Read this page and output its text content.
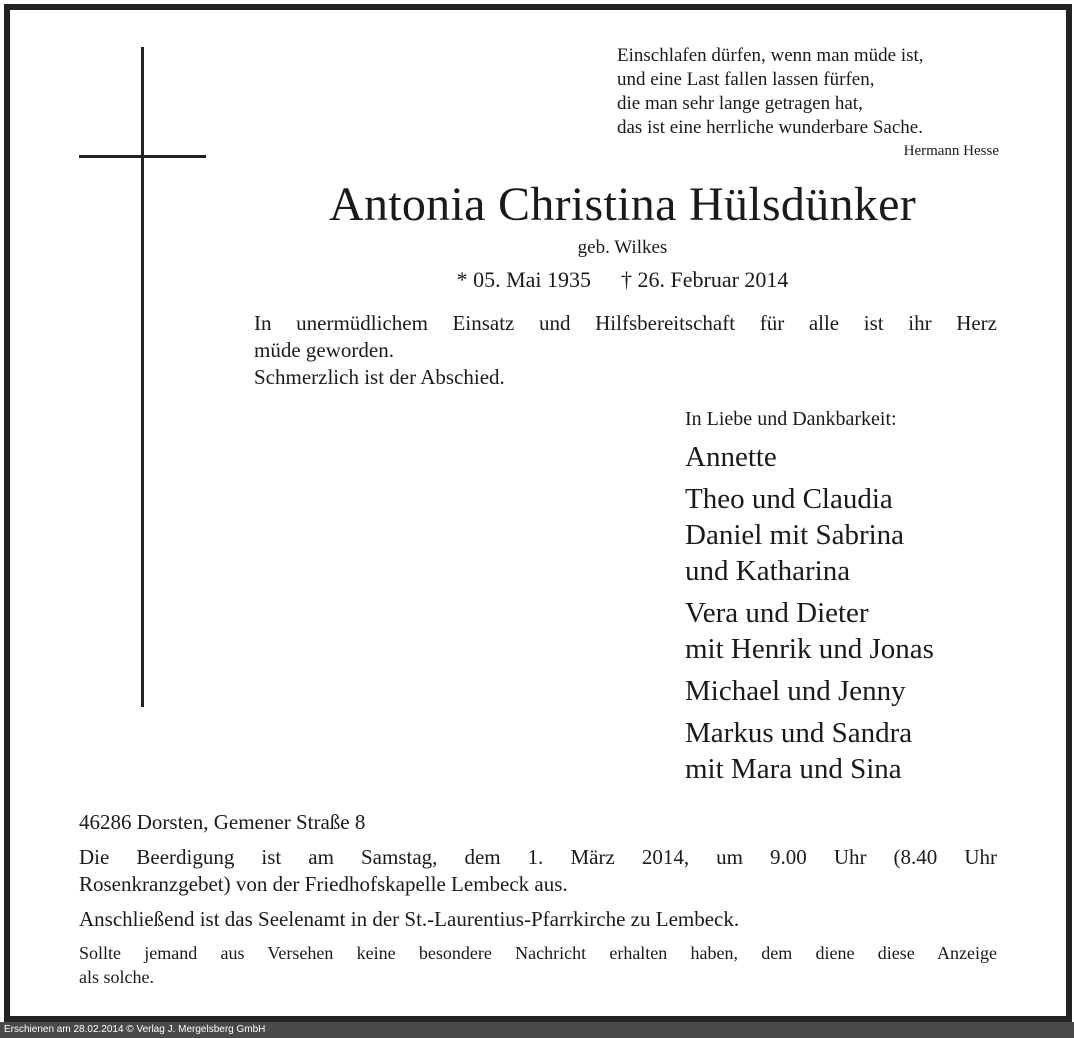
Einschlafen dürfen, wenn man müde ist,
und eine Last fallen lassen fürfen,
die man sehr lange getragen hat,
das ist eine herrliche wunderbare Sache.
Hermann Hesse
Antonia Christina Hülsdünker
geb. Wilkes
* 05. Mai 1935 † 26. Februar 2014
In unermüdlichem Einsatz und Hilfsbereitschaft für alle ist ihr Herz
müde geworden.
Schmerzlich ist der Abschied.
In Liebe und Dankbarkeit:
Annette
Theo und Claudia
Daniel mit Sabrina
und Katharina
Vera und Dieter
mit Henrik und Jonas
Michael und Jenny
Markus und Sandra
mit Mara und Sina
46286 Dorsten, Gemener Straße 8
Die Beerdigung ist am Samstag, dem 1. März 2014, um 9.00 Uhr (8.40 Uhr
Rosenkranzgebet) von der Friedhofskapelle Lembeck aus.
Anschließend ist das Seelenamt in der St.-Laurentius-Pfarrkirche zu Lembeck.
Sollte jemand aus Versehen keine besondere Nachricht erhalten haben, dem diene diese Anzeige
als solche.
Erschienen am 28.02.2014 © Verlag J. Mergelsberg GmbH
